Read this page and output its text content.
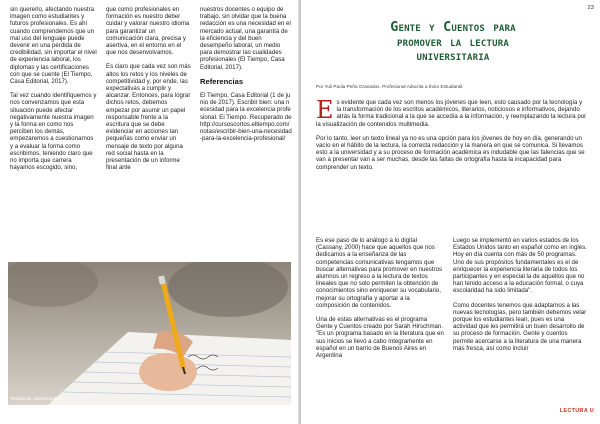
sin quererlo, afectando nuestra imagen como estudiantes y futuros profesionales. Es ahí cuando comprendemos que un mal uso del lenguaje puede devenir en una pérdida de credibilidad, sin importar el nivel de experiencia laboral, los diplomas y las certificaciones con que se cuente (El Tiempo, Casa Editorial, 2017).

Tal vez cuando identifiquemos y nos convenzamos que esta situación puede afectar negativamente nuestra imagen y la forma en como nos perciben los demás, empezaremos a cuestionarnos y a evaluar la forma como escribimos, teniendo claro que no importa que carrera hayamos escogido, sino,

que como profesionales en formación es nuestro deber cuidar y valorar nuestro idioma para garantizar un comunicación clara, precisa y asertiva, en el entorno en el que nos desenvolvamos.

Es claro que cada vez son más altos los retos y los niveles de competitividad y, por ende, las expectativas a cumplir y alcanzar. Entonces, para lograr dichos retos, debemos empezar por asumir un papel responsable frente a la escritura que se debe evidenciar en acciones tan pequeñas como enviar un mensaje de texto por alguna red social hasta en la presentación de un informe final ante

nuestros docentes o equipo de trabajo, sin olvidar que la buena redacción es una necesidad en el mercado actual, una garantía de la eficiencia y del buen desempeño laboral, un medio para demostrar las cualidades profesionales (El Tiempo, Casa Editorial, 2017).

Referencias

El Tiempo, Casa Editorial (1 de junio de 2017). Escribir bien: una necesidad para la excelencia profesional. El Tiempo. Recuperado de http://cursoscortos.eltiempo.com/notas/escribir-bien-una-necesidad-para-la-excelencia-profesional/

Tomado de: www.freepik.es
23
Gente y Cuentos para
promover la lectura
universitaria
Por Yuli Paola Peña Granados. Profesional Adscrita a Éxito Estudiantil.

E s evidente que cada vez son menos los jóvenes que leen, esto causado por la tecnología y la transformación de los escritos académicos, literarios, noticiosos e informativos, dejando atrás la forma tradicional a la que se accedía a la información, y reemplazando la lectura por la visualización de contenidos multimedia.

Por lo tanto, leer un texto lineal ya no es una opción para los jóvenes de hoy en día, generando un vacío en el hábito de la lectura, la correcta redacción y la manera en que se comunica. Si llevamos esto a la universidad y a su proceso de formación académica es indudable que las falencias que se van a presentar van a ser muchas, desde las faltas de ortografía hasta la incapacidad para comprender un texto.

Es ese paso de lo análogo a lo digital (Cassany, 2000) hace que aquellos que nos dedicamos a la enseñanza de las competencias comunicativas tengamos que buscar alternativas para promover en nuestros alumnos un regreso a la lectura de textos lineales que no solo permiten la obtención de conocimientos sino enriquecer su vocabulario, mejorar su ortografía y aportar a la composición de contenidos.

Una de estas alternativas es el programa Gente y Cuentos creado por Sarah Hirschman. "Es un programa basado en la literatura que en sus inicios se llevó a cabo íntegramente en español en un barrio de Buenos Aires en Argentina

Luego se implementó en varios estados de los Estados Unidos tanto en español como en inglés. Hoy en día cuenta con más de 50 programas. Uno de sus propósitos fundamentales es el de enriquecer la experiencia literaria de todos los participantes y en especial la de aquellos que no han tenido acceso a la educación formal, o cuya escolaridad ha sido limitada".

Como docentes tenemos que adaptarnos a las nuevas tecnologías, pero también debemos velar porque los estudiantes lean, pues es una actividad que les permitirá un buen desarrollo de su proceso de formación. Gente y cuentos permite acercarse a la literatura de una manera más fresca, así como incluir

LECTURA U
